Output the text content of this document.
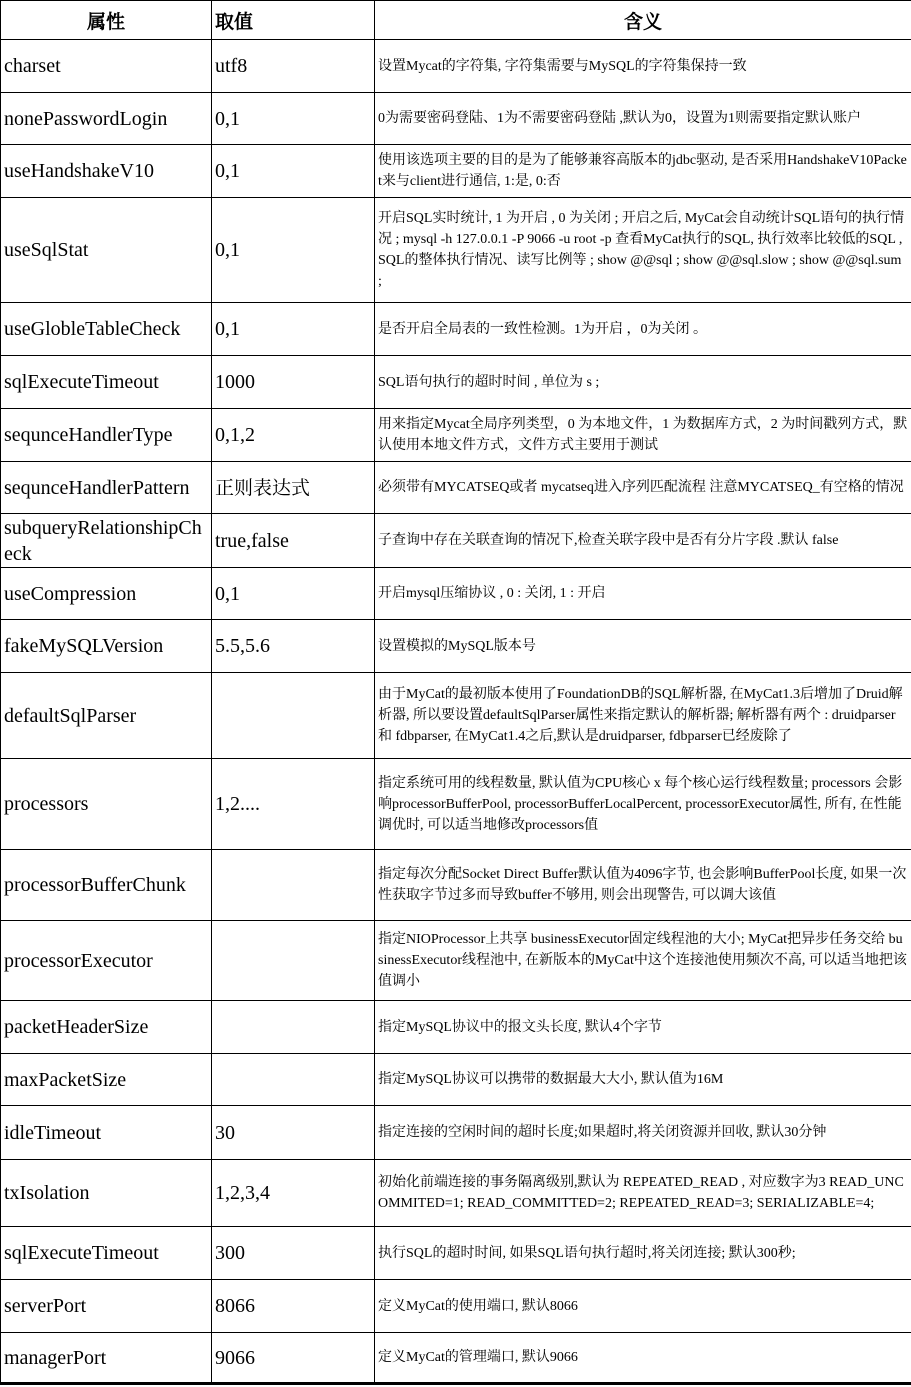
属性	取值	含义
charset	utf8	设置Mycat的字符集, 字符集需要与MySQL的字符集保持一致
nonePasswordLogin	0,1	0为需要密码登陆、1为不需要密码登陆 ,默认为0，设置为1则需要指定默认账户
useHandshakeV10	0,1	使用该选项主要的目的是为了能够兼容高版本的jdbc驱动, 是否采用HandshakeV10Packet来与client进行通信, 1:是, 0:否
useSqlStat	0,1	开启SQL实时统计, 1 为开启 , 0 为关闭 ; 开启之后, MyCat会自动统计SQL语句的执行情况 ; mysql -h 127.0.0.1 -P 9066 -u root -p 查看MyCat执行的SQL, 执行效率比较低的SQL , SQL的整体执行情况、读写比例等 ; show @@sql ; show @@sql.slow ; show @@sql.sum ;
useGlobleTableCheck	0,1	是否开启全局表的一致性检测。1为开启 ，0为关闭 。
sqlExecuteTimeout	1000	SQL语句执行的超时时间 , 单位为 s ;
sequnceHandlerType	0,1,2	用来指定Mycat全局序列类型，0 为本地文件，1 为数据库方式，2 为时间戳列方式，默认使用本地文件方式，文件方式主要用于测试
sequnceHandlerPattern	正则表达式	必须带有MYCATSEQ或者 mycatseq进入序列匹配流程 注意MYCATSEQ_有空格的情况
subqueryRelationshipCheck	true,false	子查询中存在关联查询的情况下,检查关联字段中是否有分片字段 .默认 false
useCompression	0,1	开启mysql压缩协议 , 0 : 关闭, 1 : 开启
fakeMySQLVersion	5.5,5.6	设置模拟的MySQL版本号
defaultSqlParser		由于MyCat的最初版本使用了FoundationDB的SQL解析器, 在MyCat1.3后增加了Druid解析器, 所以要设置defaultSqlParser属性来指定默认的解析器; 解析器有两个 : druidparser 和 fdbparser, 在MyCat1.4之后,默认是druidparser, fdbparser已经废除了
processors	1,2....	指定系统可用的线程数量, 默认值为CPU核心 x 每个核心运行线程数量; processors 会影响processorBufferPool, processorBufferLocalPercent, processorExecutor属性, 所有, 在性能调优时, 可以适当地修改processors值
processorBufferChunk		指定每次分配Socket Direct Buffer默认值为4096字节, 也会影响BufferPool长度, 如果一次性获取字节过多而导致buffer不够用, 则会出现警告, 可以调大该值
processorExecutor		指定NIOProcessor上共享 businessExecutor固定线程池的大小; MyCat把异步任务交给 businessExecutor线程池中, 在新版本的MyCat中这个连接池使用频次不高, 可以适当地把该值调小
packetHeaderSize		指定MySQL协议中的报文头长度, 默认4个字节
maxPacketSize		指定MySQL协议可以携带的数据最大大小, 默认值为16M
idleTimeout	30	指定连接的空闲时间的超时长度;如果超时,将关闭资源并回收, 默认30分钟
txIsolation	1,2,3,4	初始化前端连接的事务隔离级别,默认为 REPEATED_READ , 对应数字为3 READ_UNCOMMITED=1; READ_COMMITTED=2; REPEATED_READ=3; SERIALIZABLE=4;
sqlExecuteTimeout	300	执行SQL的超时时间, 如果SQL语句执行超时,将关闭连接; 默认300秒;
serverPort	8066	定义MyCat的使用端口, 默认8066
managerPort	9066	定义MyCat的管理端口, 默认9066
